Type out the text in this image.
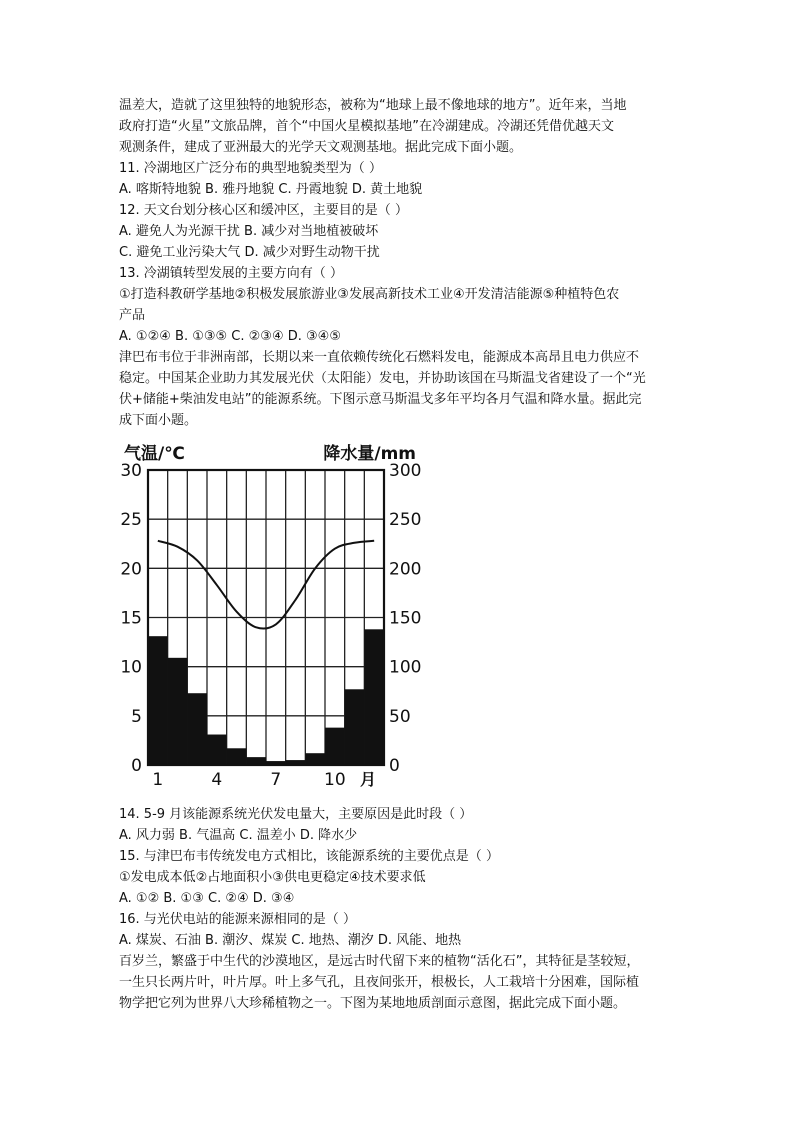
温差大，造就了这里独特的地貌形态，被称为“地球上最不像地球的地方”。近年来，当地
政府打造“火星”文旅品牌，首个“中国火星模拟基地”在冷湖建成。冷湖还凭借优越天文
观测条件，建成了亚洲最大的光学天文观测基地。据此完成下面小题。
11. 冷湖地区广泛分布的典型地貌类型为（ ）
A. 喀斯特地貌 B. 雅丹地貌 C. 丹霞地貌 D. 黄土地貌
12. 天文台划分核心区和缓冲区，主要目的是（ ）
A. 避免人为光源干扰 B. 减少对当地植被破坏
C. 避免工业污染大气 D. 减少对野生动物干扰
13. 冷湖镇转型发展的主要方向有（ ）
①打造科教研学基地②积极发展旅游业③发展高新技术工业④开发清洁能源⑤种植特色农
产品
A. ①②④ B. ①③⑤ C. ②③④ D. ③④⑤
津巴布韦位于非洲南部，长期以来一直依赖传统化石燃料发电，能源成本高昂且电力供应不
稳定。中国某企业助力其发展光伏（太阳能）发电，并协助该国在马斯温戈省建设了一个“光
伏+储能+柴油发电站”的能源系统。下图示意马斯温戈多年平均各月气温和降水量。据此完
成下面小题。
0
5
10
15
20
25
30
0
50
100
150
200
250
300
1	4	7	10
气温/℃	降水量/mm
月
14. 5-9 月该能源系统光伏发电量大，主要原因是此时段（ ）
A. 风力弱 B. 气温高 C. 温差小 D. 降水少
15. 与津巴布韦传统发电方式相比，该能源系统的主要优点是（ ）
①发电成本低②占地面积小③供电更稳定④技术要求低
A. ①② B. ①③ C. ②④ D. ③④
16. 与光伏电站的能源来源相同的是（ ）
A. 煤炭、石油 B. 潮汐、煤炭 C. 地热、潮汐 D. 风能、地热
百岁兰，繁盛于中生代的沙漠地区，是远古时代留下来的植物“活化石”，其特征是茎较短，
一生只长两片叶，叶片厚。叶上多气孔，且夜间张开，根极长，人工栽培十分困难，国际植
物学把它列为世界八大珍稀植物之一。下图为某地地质剖面示意图，据此完成下面小题。
